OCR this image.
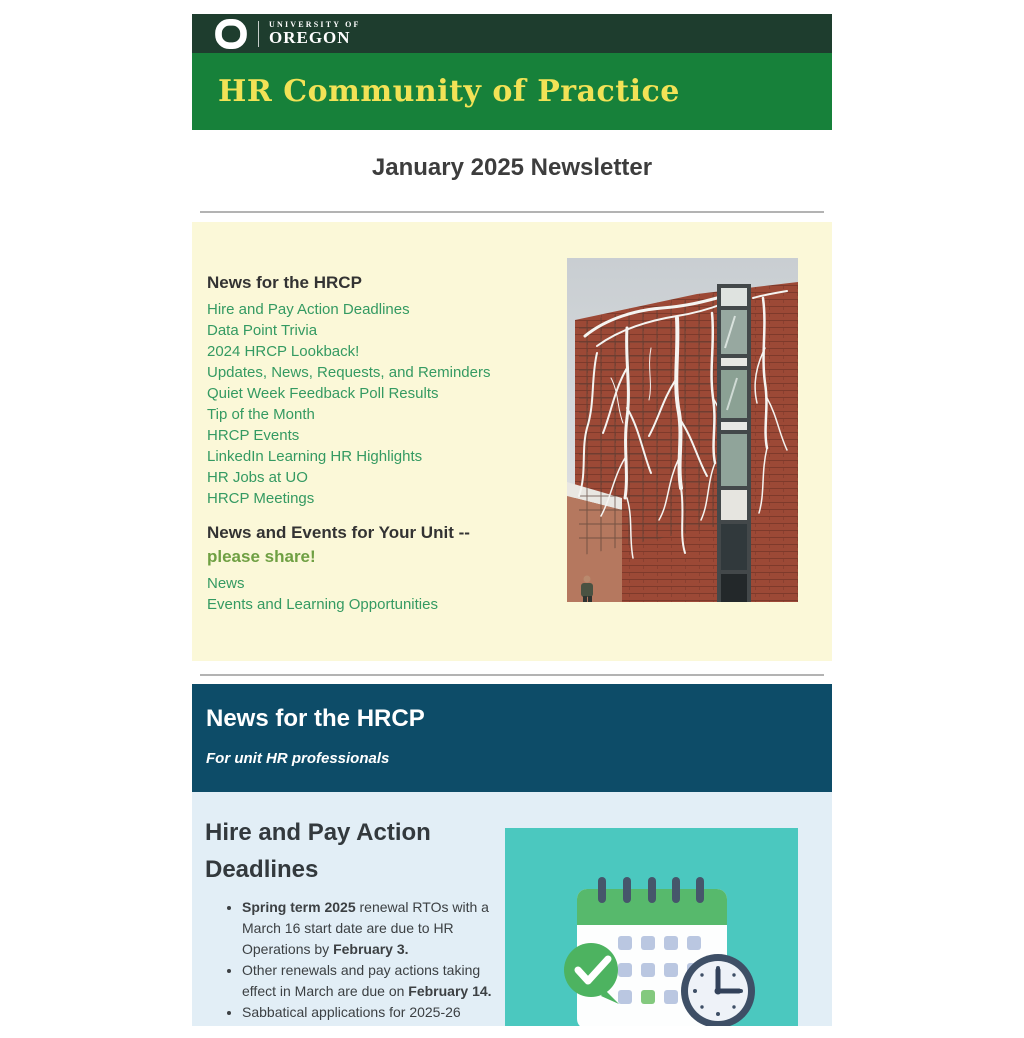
UNIVERSITY OF
OREGON
HR Community of Practice
January 2025 Newsletter
News for the HRCP
Hire and Pay Action Deadlines
Data Point Trivia
2024 HRCP Lookback!
Updates, News, Requests, and Reminders
Quiet Week Feedback Poll Results
Tip of the Month
HRCP Events
LinkedIn Learning HR Highlights
HR Jobs at UO
HRCP Meetings
News and Events for Your Unit -- please share!
News
Events and Learning Opportunities
News for the HRCP
For unit HR professionals
Hire and Pay Action Deadlines
• Spring term 2025 renewal RTOs with a March 16 start date are due to HR Operations by February 3.
• Other renewals and pay actions taking effect in March are due on February 14.
• Sabbatical applications for 2025-26
